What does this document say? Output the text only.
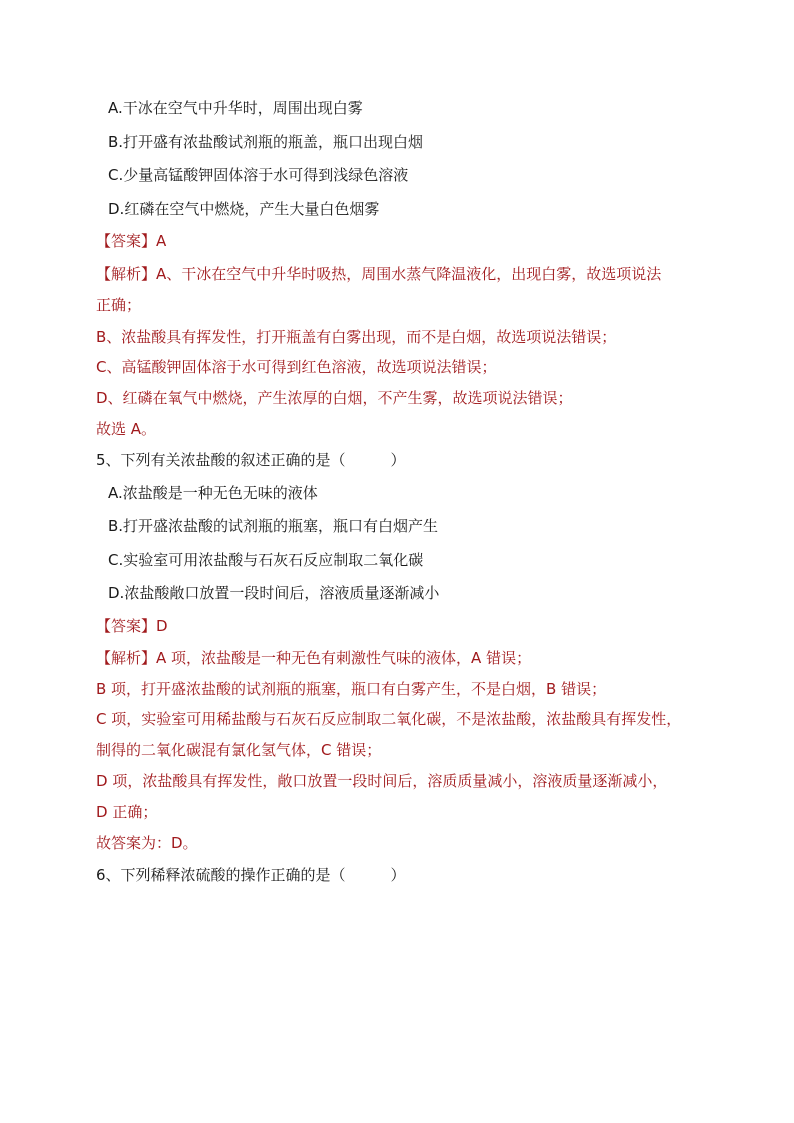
A.干冰在空气中升华时，周围出现白雾
B.打开盛有浓盐酸试剂瓶的瓶盖，瓶口出现白烟
C.少量高锰酸钾固体溶于水可得到浅绿色溶液
D.红磷在空气中燃烧，产生大量白色烟雾
【答案】A
【解析】A、干冰在空气中升华时吸热，周围水蒸气降温液化，出现白雾，故选项说法
正确；
B、浓盐酸具有挥发性，打开瓶盖有白雾出现，而不是白烟，故选项说法错误；
C、高锰酸钾固体溶于水可得到红色溶液，故选项说法错误；
D、红磷在氧气中燃烧，产生浓厚的白烟，不产生雾，故选项说法错误；
故选 A。
5、下列有关浓盐酸的叙述正确的是（　　　）
A.浓盐酸是一种无色无味的液体
B.打开盛浓盐酸的试剂瓶的瓶塞，瓶口有白烟产生
C.实验室可用浓盐酸与石灰石反应制取二氧化碳
D.浓盐酸敞口放置一段时间后，溶液质量逐渐减小
【答案】D
【解析】A 项，浓盐酸是一种无色有刺激性气味的液体，A 错误；
B 项，打开盛浓盐酸的试剂瓶的瓶塞，瓶口有白雾产生，不是白烟，B 错误；
C 项，实验室可用稀盐酸与石灰石反应制取二氧化碳，不是浓盐酸，浓盐酸具有挥发性，
制得的二氧化碳混有氯化氢气体，C 错误；
D 项，浓盐酸具有挥发性，敞口放置一段时间后，溶质质量减小，溶液质量逐渐减小，
D 正确；
故答案为：D。
6、下列稀释浓硫酸的操作正确的是（　　　）
